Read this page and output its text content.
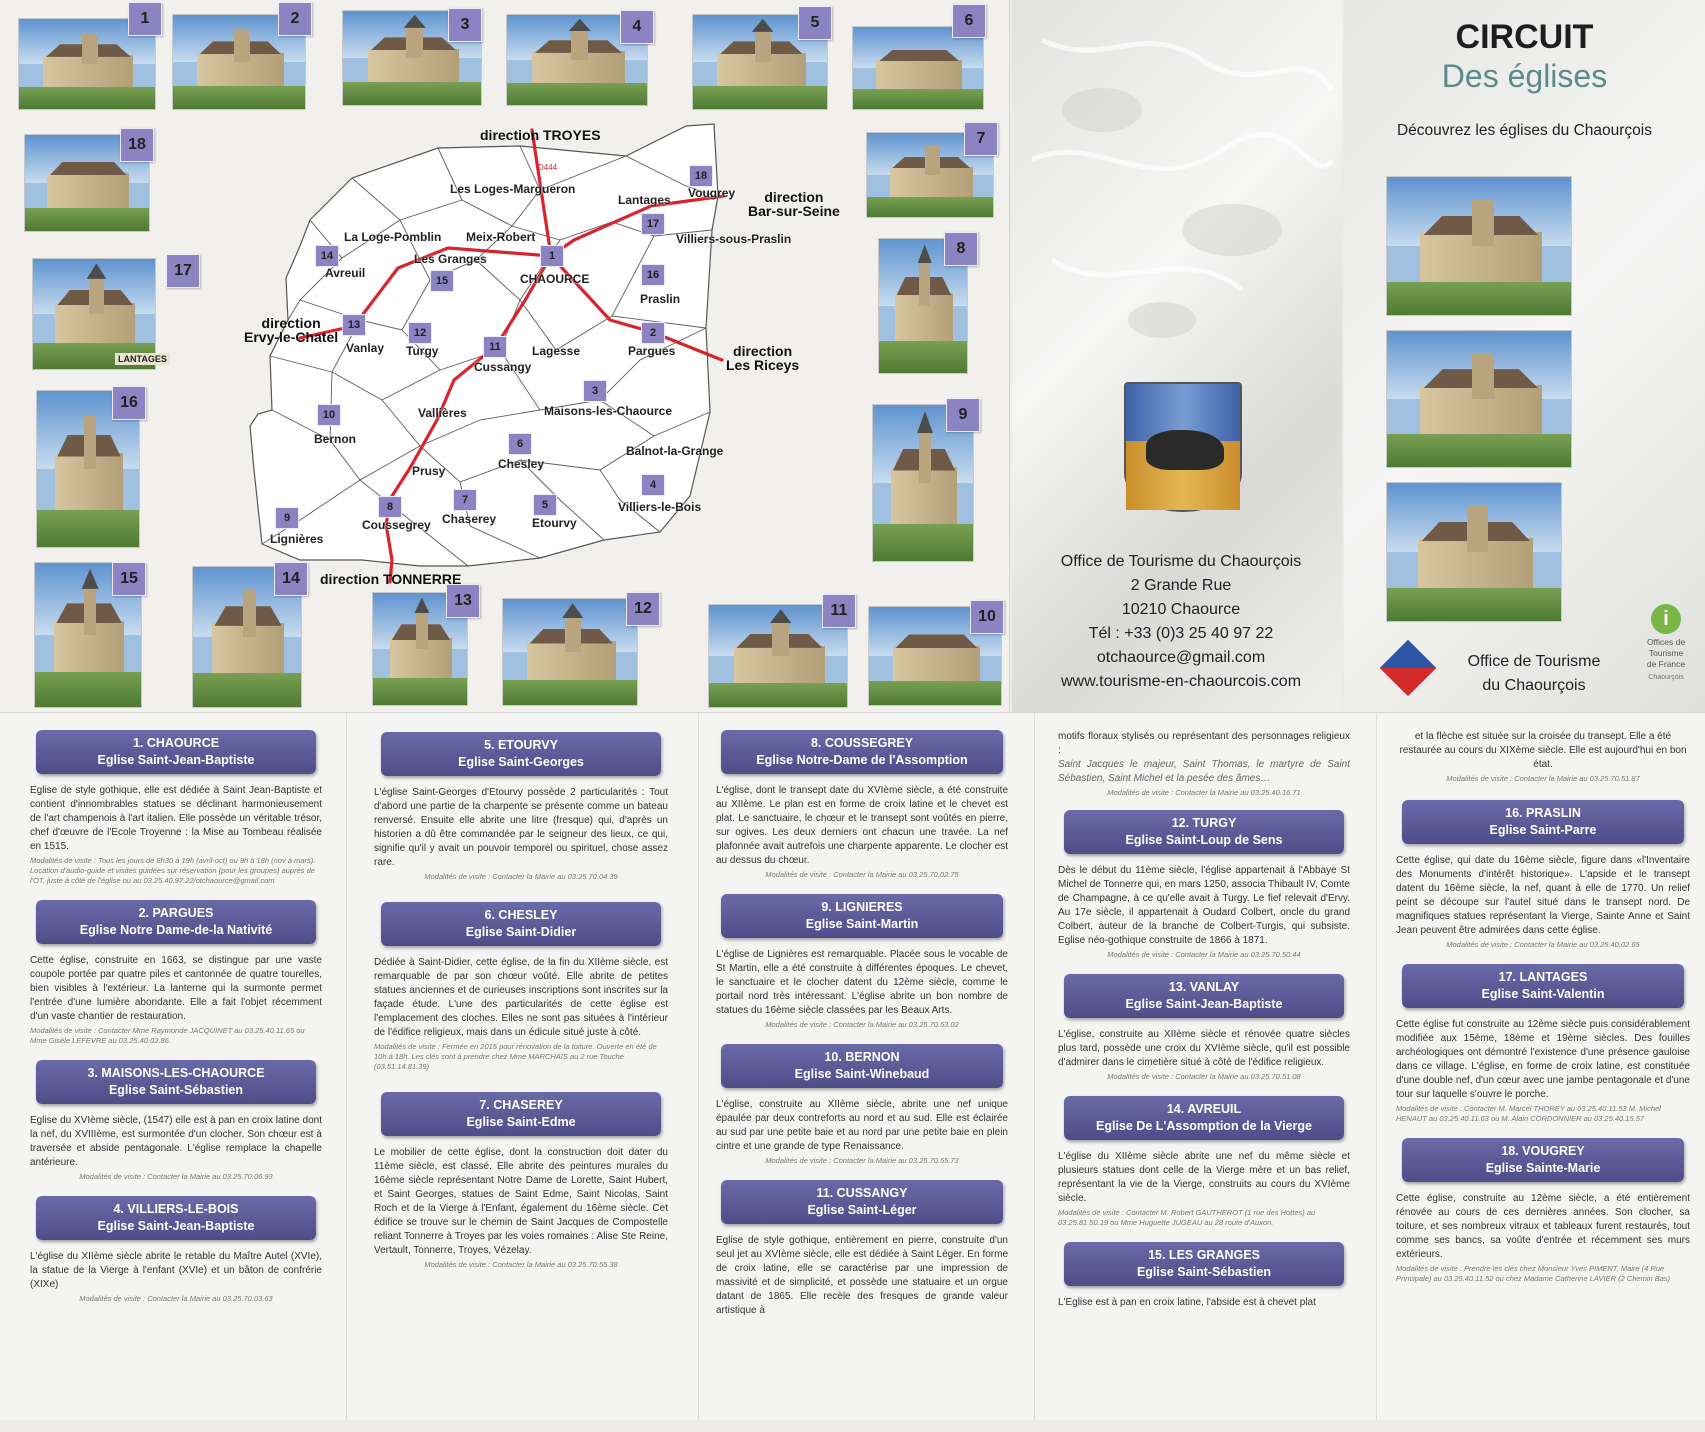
1	2	3	4	5	6
18	7
LANTAGES
17
8
16
9
15	14
13	12	11	10
D444
18
17
14
15
1
16
13
12
11
2
3
10
6
4
9
8
7	5
Les Loges-Margueron
Lantages Vougrey
Villiers-sous-Praslin
Meix-Robert
La Loge-Pomblin
Avreuil
Les Granges
CHAOURCE
Praslin
Vanlay Turgy
Cussangy
Lagesse	Pargues
Maisons-les-Chaource
Vallières
Bernon
Chesley
Balnot-la-Grange
Prusy
Villiers-le-Bois
Lignières
Coussegrey Chaserey	Etourvy
direction TROYES
direction
Bar-sur-Seine
direction
Ervy-le-Chatel
direction
Les Riceys
direction TONNERRE
Office de Tourisme du Chaourçois
2 Grande Rue
10210 Chaource
Tél : +33 (0)3 25 40 97 22
otchaource@gmail.com
www.tourisme-en-chaourcois.com
CIRCUIT
Des églises
Découvrez les églises du Chaourçois
Office de Tourisme
du Chaourçois
i
Offices de
Tourisme
de France
Chaourçois
1. CHAOURCE
Eglise Saint-Jean-Baptiste
Eglise de style gothique, elle est dédiée à Saint Jean-Baptiste et contient d'innombrables statues se déclinant harmonieusement de l'art champenois à l'art italien. Elle possède un véritable trésor, chef d'œuvre de l'Ecole Troyenne : la Mise au Tombeau réalisée en 1515.
Modalités de visite : Tous les jours de 8h30 à 19h (avril-oct) ou 9h à 18h (nov à mars). Location d'audio-guide et visites guidées sur réservation (pour les groupes) auprès de l'OT, juste à côté de l'église ou au 03.25.40.97.22/otchaource@gmail.com
2. PARGUES
Eglise Notre Dame-de-la Nativité
Cette église, construite en 1663, se distingue par une vaste coupole portée par quatre piles et cantonnée de quatre tourelles, bien visibles à l'extérieur. La lanterne qui la surmonte permet l'entrée d'une lumière abondante. Elle a fait l'objet récemment d'un vaste chantier de restauration.
Modalités de visite : Contacter Mme Raymonde JACQUINET au 03.25.40.11.65 ou Mme Gisèle LEFEVRE au 03.25.40.02.86.
3. MAISONS-LES-CHAOURCE
Eglise Saint-Sébastien
Eglise du XVIème siècle, (1547) elle est à pan en croix latine dont la nef, du XVIIIème, est surmontée d'un clocher. Son chœur est à traversée et abside pentagonale. L'église remplace la chapelle antérieure.
Modalités de visite : Contacter la Mairie au 03.25.70.06.93
4. VILLIERS-LE-BOIS
Eglise Saint-Jean-Baptiste
L'église du XIIème siècle abrite le retable du Maître Autel (XVIe), la statue de la Vierge à l'enfant (XVIe) et un bâton de confrérie (XIXe)
Modalités de visite : Contacter la Mairie au 03.25.70.03.63
5. ETOURVY
Eglise Saint-Georges
L'église Saint-Georges d'Etourvy possède 2 particularités : Tout d'abord une partie de la charpente se présente comme un bateau renversé. Ensuite elle abrite une litre (fresque) qui, d'après un historien a dû être commandée par le seigneur des lieux, ce qui, signifie qu'il y avait un pouvoir temporel ou spirituel, chose assez rare.
Modalités de visite : Contacter la Mairie au 03.25.70.04.39
6. CHESLEY
Eglise Saint-Didier
Dédiée à Saint-Didier, cette église, de la fin du XIIème siècle, est remarquable de par son chœur voûté. Elle abrite de petites statues anciennes et de curieuses inscriptions sont inscrites sur la façade étude. L'une des particularités de cette église est l'emplacement des cloches. Elles ne sont pas situées à l'intérieur de l'édifice religieux, mais dans un édicule situé juste à côté.
Modalités de visite : Fermée en 2015 pour rénovation de la toiture. Ouverte en été de 10h à 18h. Les clés sont à prendre chez Mme MARCHAIS au 2 rue Touche (03.51.14.81.39)
7. CHASEREY
Eglise Saint-Edme
Le mobilier de cette église, dont la construction doit dater du 11ème siècle, est classé. Elle abrite des peintures murales du 16ème siècle représentant Notre Dame de Lorette, Saint Hubert, et Saint Georges, statues de Saint Edme, Saint Nicolas, Saint Roch et de la Vierge à l'Enfant, également du 16ème siècle. Cet édifice se trouve sur le chemin de Saint Jacques de Compostelle reliant Tonnerre à Troyes par les voies romaines : Alise Ste Reine, Vertault, Tonnerre, Troyes, Vézelay.
Modalités de visite : Contacter la Mairie au 03.25.70.55.38
8. COUSSEGREY
Eglise Notre-Dame de l'Assomption
L'église, dont le transept date du XVIème siècle, a été construite au XIIème. Le plan est en forme de croix latine et le chevet est plat. Le sanctuaire, le chœur et le transept sont voûtés en pierre, sur ogives. Les deux derniers ont chacun une travée. La nef plafonnée avait autrefois une charpente apparente. Le clocher est au dessus du chœur.
Modalités de visite : Contacter la Mairie au 03.25.70.02.75
9. LIGNIERES
Eglise Saint-Martin
L'église de Lignières est remarquable. Placée sous le vocable de St Martin, elle a été construite à différentes époques. Le chevet, le sanctuaire et le clocher datent du 12ème siècle, comme le portail nord très intéressant. L'église abrite un bon nombre de statues du 16ème siècle classées par les Beaux Arts.
Modalités de visite : Contacter la Mairie au 03.25.70.53.02
10. BERNON
Eglise Saint-Winebaud
L'église, construite au XIIème siècle, abrite une nef unique épaulée par deux contreforts au nord et au sud. Elle est éclairée au sud par une petite baie et au nord par une petite baie en plein cintre et une grande de type Renaissance.
Modalités de visite : Contacter la Mairie au 03.25.70.55.73
11. CUSSANGY
Eglise Saint-Léger
Eglise de style gothique, entièrement en pierre, construite d'un seul jet au XVIème siècle, elle est dédiée à Saint Léger. En forme de croix latine, elle se caractérise par une impression de massivité et de simplicité, et possède une statuaire et un orgue datant de 1865. Elle recèle des fresques de grande valeur artistique à
motifs floraux stylisés ou représentant des personnages religieux :
Saint Jacques le majeur, Saint Thomas, le martyre de Saint Sébastien, Saint Michel et la pesée des âmes…
Modalités de visite : Contacter la Mairie au 03.25.40.16.71
12. TURGY
Eglise Saint-Loup de Sens
Dès le début du 11ème siècle, l'église appartenait à l'Abbaye St Michel de Tonnerre qui, en mars 1250, associa Thibault IV, Comte de Champagne, à ce qu'elle avait à Turgy. Le fief relevait d'Ervy. Au 17e siècle, il appartenait à Oudard Colbert, oncle du grand Colbert, auteur de la branche de Colbert-Turgis, qui subsiste. Eglise néo-gothique construite de 1866 à 1871.
Modalités de visite : Contacter la Mairie au 03.25.70.50.44
13. VANLAY
Eglise Saint-Jean-Baptiste
L'église, construite au XIIème siècle et rénovée quatre siècles plus tard, possède une croix du XVIème siècle, qu'il est possible d'admirer dans le cimetière situé à côté de l'édifice religieux.
Modalités de visite : Contacter la Mairie au 03.25.70.51.08
14. AVREUIL
Eglise De L'Assomption de la Vierge
L'église du XIIème siècle abrite une nef du même siècle et plusieurs statues dont celle de la Vierge mère et un bas relief, représentant la vie de la Vierge, construits au cours du XVIème siècle.
Modalités de visite : Contacter M. Robert GAUTHEROT (1 rue des Hottes) au 03.25.81.50.19 ou Mme Huguette JUGEAU au 28 route d'Auxon.
15. LES GRANGES
Eglise Saint-Sébastien
L'Eglise est à pan en croix latine, l'abside est à chevet plat
et la flèche est située sur la croisée du transept. Elle a été restaurée au cours du XIXème siècle. Elle est aujourd'hui en bon état.
Modalités de visite : Contacter la Mairie au 03.25.70.51.87
16. PRASLIN
Eglise Saint-Parre
Cette église, qui date du 16ème siècle, figure dans «l'Inventaire des Monuments d'intérêt historique». L'apside et le transept datent du 16ème siècle, la nef, quant à elle de 1770. Un relief peint se découpe sur l'autel situé dans le transept nord. De magnifiques statues représentant la Vierge, Sainte Anne et Saint Jean peuvent être admirées dans cette église.
Modalités de visite : Contacter la Mairie au 03.25.40.02.65
17. LANTAGES
Eglise Saint-Valentin
Cette église fut construite au 12ème siècle puis considérablement modifiée aux 15ème, 18ème et 19ème siècles. Des fouilles archéologiques ont démontré l'existence d'une présence gauloise dans ce village. L'église, en forme de croix latine, est constituée d'une double nef, d'un cœur avec une jambe pentagonale et d'une tour sur laquelle s'ouvre le porche.
Modalités de visite : Contacter M. Marcel THOREY au 03.25.40.11.53 M. Michel HENAUT au 03.25.40.11.63 ou M. Alain CORDONNIER au 03.25.40.15.57
18. VOUGREY
Eglise Sainte-Marie
Cette église, construite au 12ème siècle, a été entièrement rénovée au cours de ces dernières années. Son clocher, sa toiture, et ses nombreux vitraux et tableaux furent restaurés, tout comme ses bancs, sa voûte d'entrée et récemment ses murs extérieurs.
Modalités de visite : Prendre les clés chez Monsieur Yves PIMENT, Maire (4 Rue Principale) au 03.25.40.11.52 ou chez Madame Catherine LAVIER (2 Chemin Bas)
